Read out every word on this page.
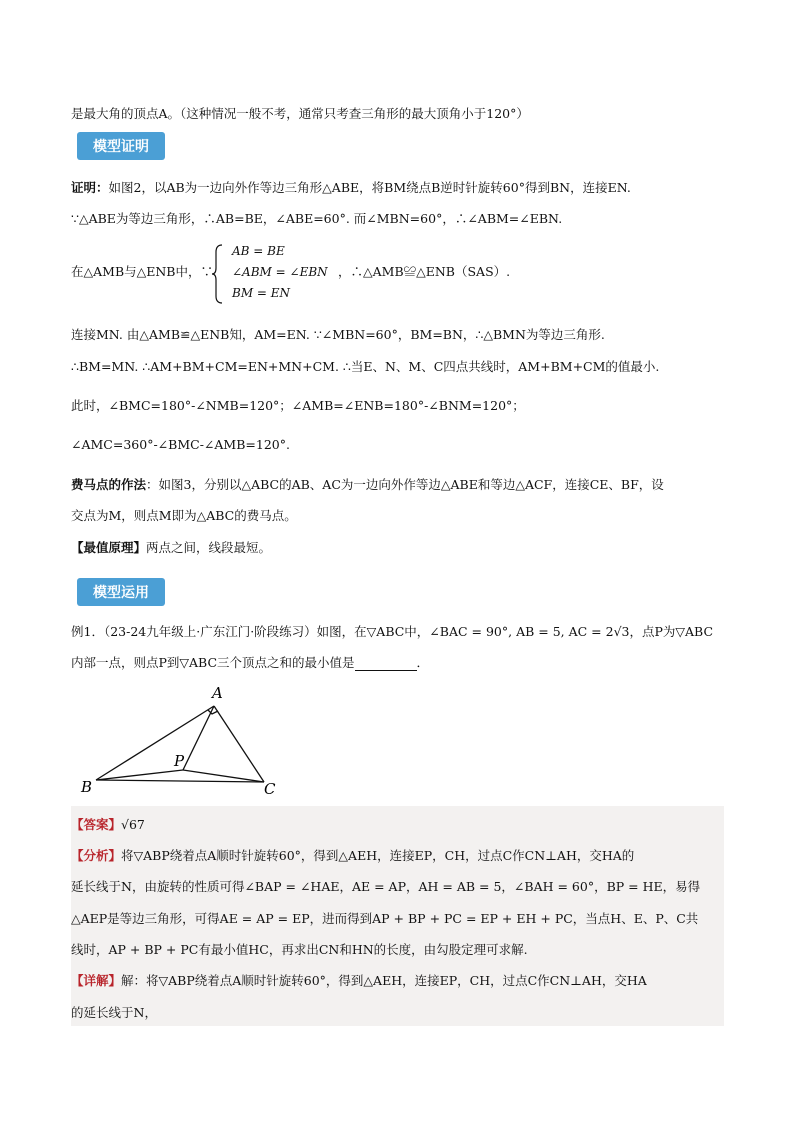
是最大角的顶点A。（这种情况一般不考，通常只考查三角形的最大顶角小于120°）
模型证明
证明：如图2，以AB为一边向外作等边三角形△ABE，将BM绕点B逆时针旋转60°得到BN，连接EN.
∵△ABE为等边三角形，∴AB=BE，∠ABE=60°. 而∠MBN=60°，∴∠ABM=∠EBN.
在△AMB与△ENB中，∵
AB = BE
∠ABM = ∠EBN
BM = EN
，∴△AMB≌△ENB（SAS）.
连接MN. 由△AMB≌△ENB知，AM=EN. ∵∠MBN=60°，BM=BN，∴△BMN为等边三角形.
∴BM=MN. ∴AM+BM+CM=EN+MN+CM. ∴当E、N、M、C四点共线时，AM+BM+CM的值最小.
此时，∠BMC=180°-∠NMB=120°；∠AMB=∠ENB=180°-∠BNM=120°；
∠AMC=360°-∠BMC-∠AMB=120°.
费马点的作法：如图3，分别以△ABC的AB、AC为一边向外作等边△ABE和等边△ACF，连接CE、BF，设
交点为M，则点M即为△ABC的费马点。
【最值原理】两点之间，线段最短。
模型运用
例1．（23-24九年级上·广东江门·阶段练习）如图，在▽ABC中，∠BAC = 90°, AB = 5, AC = 2√3，点P为▽ABC
内部一点，则点P到▽ABC三个顶点之和的最小值是	．
A
B	C
P
【答案】√67
【分析】将▽ABP绕着点A顺时针旋转60°，得到△AEH，连接EP，CH，过点C作CN⊥AH，交HA的
延长线于N，由旋转的性质可得∠BAP = ∠HAE，AE = AP，AH = AB = 5，∠BAH = 60°，BP = HE，易得
△AEP是等边三角形，可得AE = AP = EP，进而得到AP + BP + PC = EP + EH + PC，当点H、E、P、C共
线时，AP + BP + PC有最小值HC，再求出CN和HN的长度，由勾股定理可求解.
【详解】解：将▽ABP绕着点A顺时针旋转60°，得到△AEH，连接EP，CH，过点C作CN⊥AH，交HA
的延长线于N，
